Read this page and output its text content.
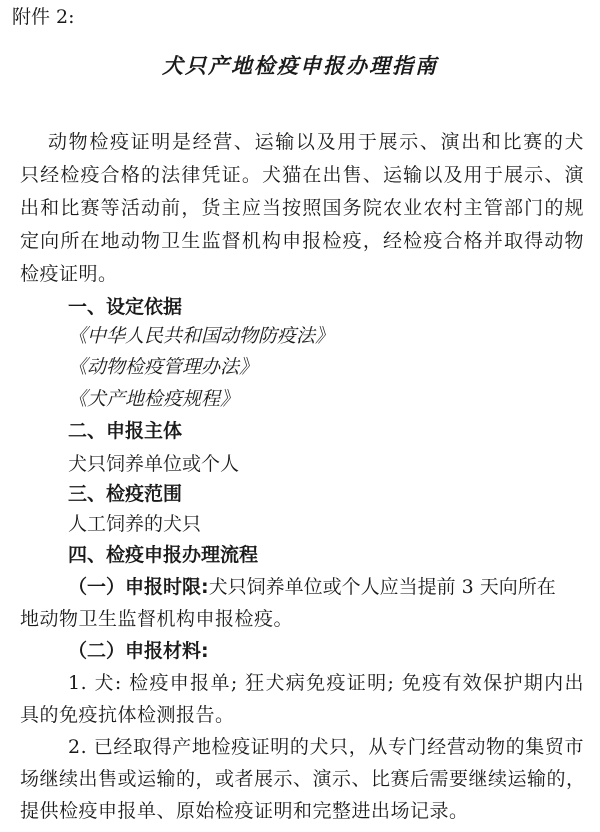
附件 2:
犬只产地检疫申报办理指南
动物检疫证明是经营、运输以及用于展示、演出和比赛的犬
只经检疫合格的法律凭证。犬猫在出售、运输以及用于展示、演
出和比赛等活动前，货主应当按照国务院农业农村主管部门的规
定向所在地动物卫生监督机构申报检疫，经检疫合格并取得动物
检疫证明。
一、设定依据
《中华人民共和国动物防疫法》
《动物检疫管理办法》
《犬产地检疫规程》
二、申报主体
犬只饲养单位或个人
三、检疫范围
人工饲养的犬只
四、检疫申报办理流程
（一）申报时限:犬只饲养单位或个人应当提前 3 天向所在
地动物卫生监督机构申报检疫。
（二）申报材料:
1. 犬: 检疫申报单; 狂犬病免疫证明; 免疫有效保护期内出
具的免疫抗体检测报告。
2. 已经取得产地检疫证明的犬只，从专门经营动物的集贸市
场继续出售或运输的，或者展示、演示、比赛后需要继续运输的，
提供检疫申报单、原始检疫证明和完整进出场记录。
